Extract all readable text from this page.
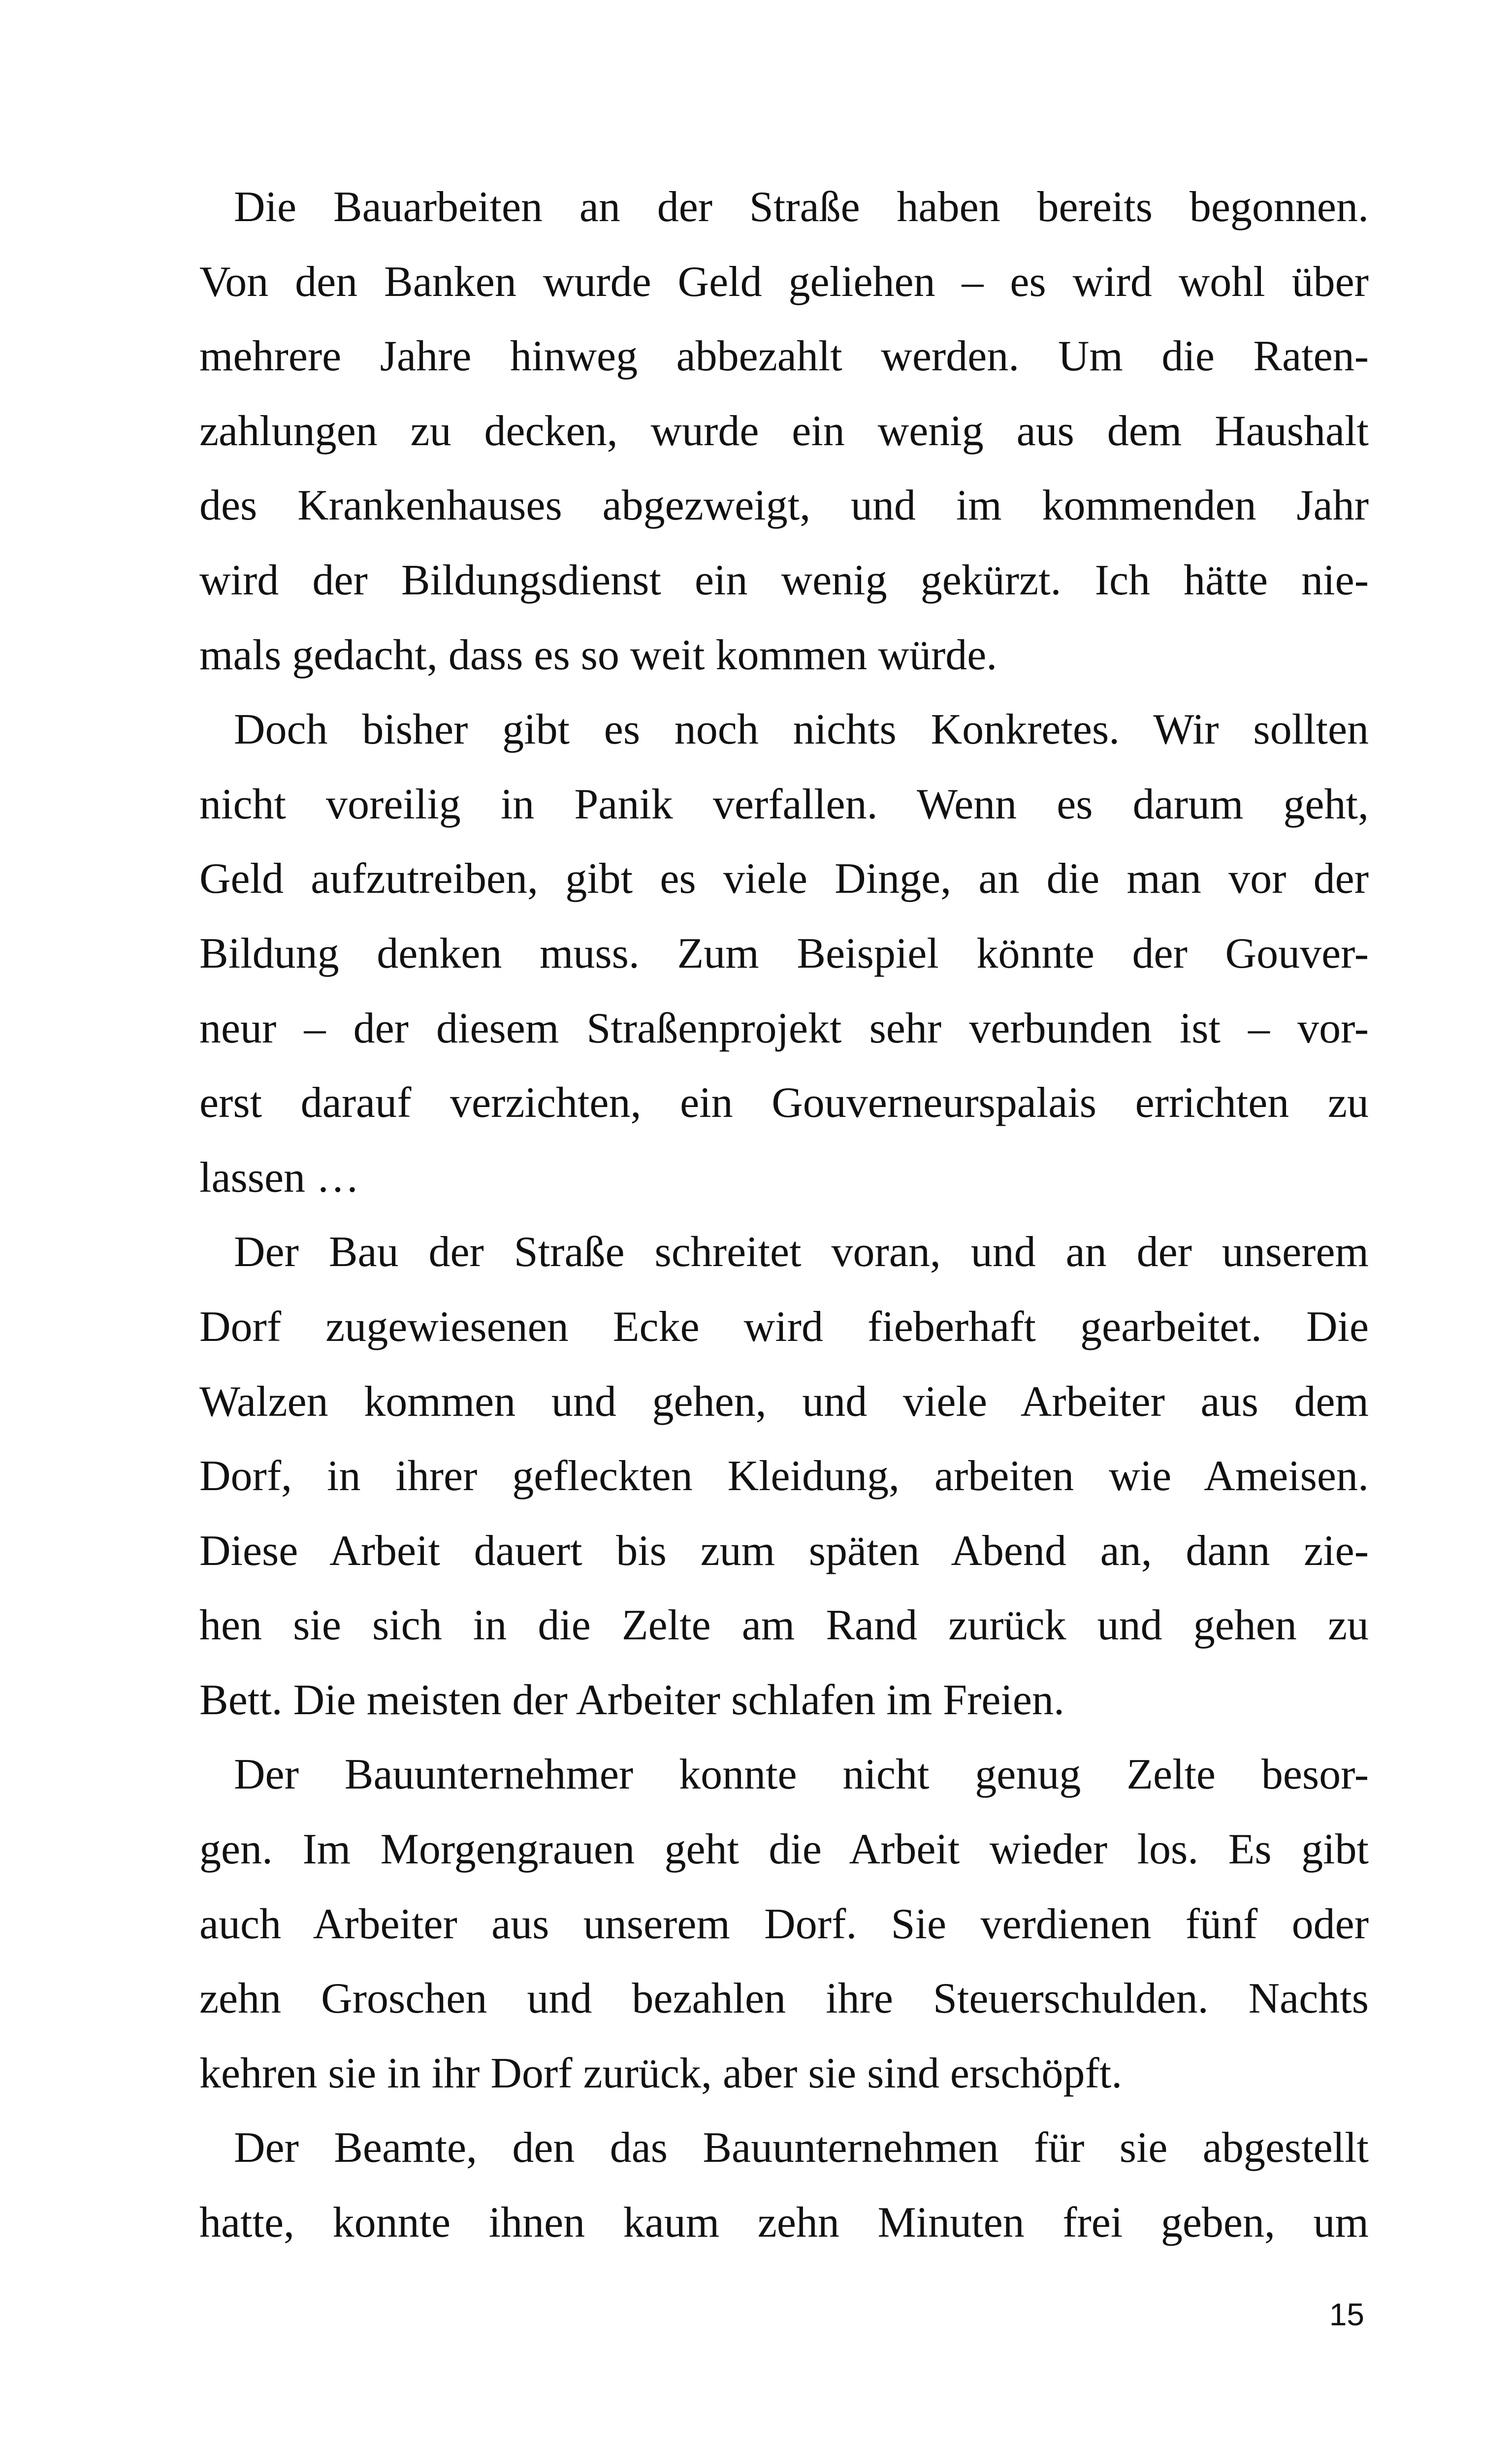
Die Bauarbeiten an der Straße haben bereits begonnen.
Von den Banken wurde Geld geliehen – es wird wohl über
mehrere Jahre hinweg abbezahlt werden. Um die Raten-
zahlungen zu decken, wurde ein wenig aus dem Haushalt
des Krankenhauses abgezweigt, und im kommenden Jahr
wird der Bildungsdienst ein wenig gekürzt. Ich hätte nie-
mals gedacht, dass es so weit kommen würde.
Doch bisher gibt es noch nichts Konkretes. Wir sollten
nicht voreilig in Panik verfallen. Wenn es darum geht,
Geld aufzutreiben, gibt es viele Dinge, an die man vor der
Bildung denken muss. Zum Beispiel könnte der Gouver-
neur – der diesem Straßenprojekt sehr verbunden ist – vor-
erst darauf verzichten, ein Gouverneurspalais errichten zu
lassen …
Der Bau der Straße schreitet voran, und an der unserem
Dorf zugewiesenen Ecke wird fieberhaft gearbeitet. Die
Walzen kommen und gehen, und viele Arbeiter aus dem
Dorf, in ihrer gefleckten Kleidung, arbeiten wie Ameisen.
Diese Arbeit dauert bis zum späten Abend an, dann zie-
hen sie sich in die Zelte am Rand zurück und gehen zu
Bett. Die meisten der Arbeiter schlafen im Freien.
Der Bauunternehmer konnte nicht genug Zelte besor-
gen. Im Morgengrauen geht die Arbeit wieder los. Es gibt
auch Arbeiter aus unserem Dorf. Sie verdienen fünf oder
zehn Groschen und bezahlen ihre Steuerschulden. Nachts
kehren sie in ihr Dorf zurück, aber sie sind erschöpft.
Der Beamte, den das Bauunternehmen für sie abgestellt
hatte, konnte ihnen kaum zehn Minuten frei geben, um
15
